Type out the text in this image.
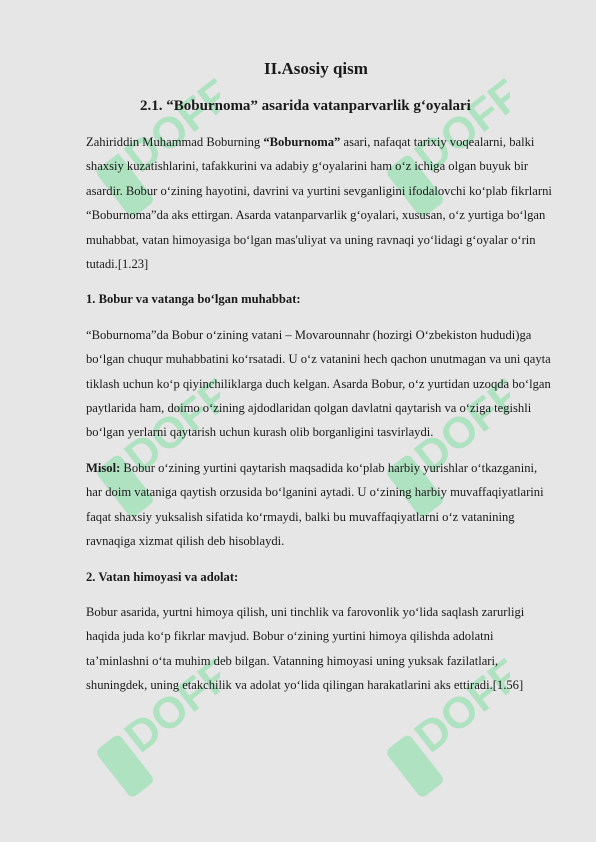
DOFF	DOFF
DOFF	DOFF
DOFF	DOFF
II.Asosiy qism
2.1. “Boburnoma” asarida vatanparvarlik g‘oyalari

Zahiriddin Muhammad Boburning “Boburnoma” asari, nafaqat tarixiy voqealarni, balki shaxsiy kuzatishlarini, tafakkurini va adabiy g‘oyalarini ham o‘z ichiga olgan buyuk bir asardir. Bobur o‘zining hayotini, davrini va yurtini sevganligini ifodalovchi ko‘plab fikrlarni “Boburnoma”da aks ettirgan. Asarda vatanparvarlik g‘oyalari, xususan, o‘z yurtiga bo‘lgan muhabbat, vatan himoyasiga bo‘lgan mas'uliyat va uning ravnaqi yo‘lidagi g‘oyalar o‘rin tutadi.[1.23]

1. Bobur va vatanga bo‘lgan muhabbat:

“Boburnoma”da Bobur o‘zining vatani – Movarounnahr (hozirgi O‘zbekiston hududi)ga bo‘lgan chuqur muhabbatini ko‘rsatadi. U o‘z vatanini hech qachon unutmagan va uni qayta tiklash uchun ko‘p qiyinchiliklarga duch kelgan. Asarda Bobur, o‘z yurtidan uzoqda bo‘lgan paytlarida ham, doimo o‘zining ajdodlaridan qolgan davlatni qaytarish va o‘ziga tegishli bo‘lgan yerlarni qaytarish uchun kurash olib borganligini tasvirlaydi.

Misol: Bobur o‘zining yurtini qaytarish maqsadida ko‘plab harbiy yurishlar o‘tkazganini, har doim vataniga qaytish orzusida bo‘lganini aytadi. U o‘zining harbiy muvaffaqiyatlarini faqat shaxsiy yuksalish sifatida ko‘rmaydi, balki bu muvaffaqiyatlarni o‘z vatanining ravnaqiga xizmat qilish deb hisoblaydi.

2. Vatan himoyasi va adolat:

Bobur asarida, yurtni himoya qilish, uni tinchlik va farovonlik yo‘lida saqlash zarurligi haqida juda ko‘p fikrlar mavjud. Bobur o‘zining yurtini himoya qilishda adolatni ta’minlashni o‘ta muhim deb bilgan. Vatanning himoyasi uning yuksak fazilatlari, shuningdek, uning etakchilik va adolat yo‘lida qilingan harakatlarini aks ettiradi.[1.56]
